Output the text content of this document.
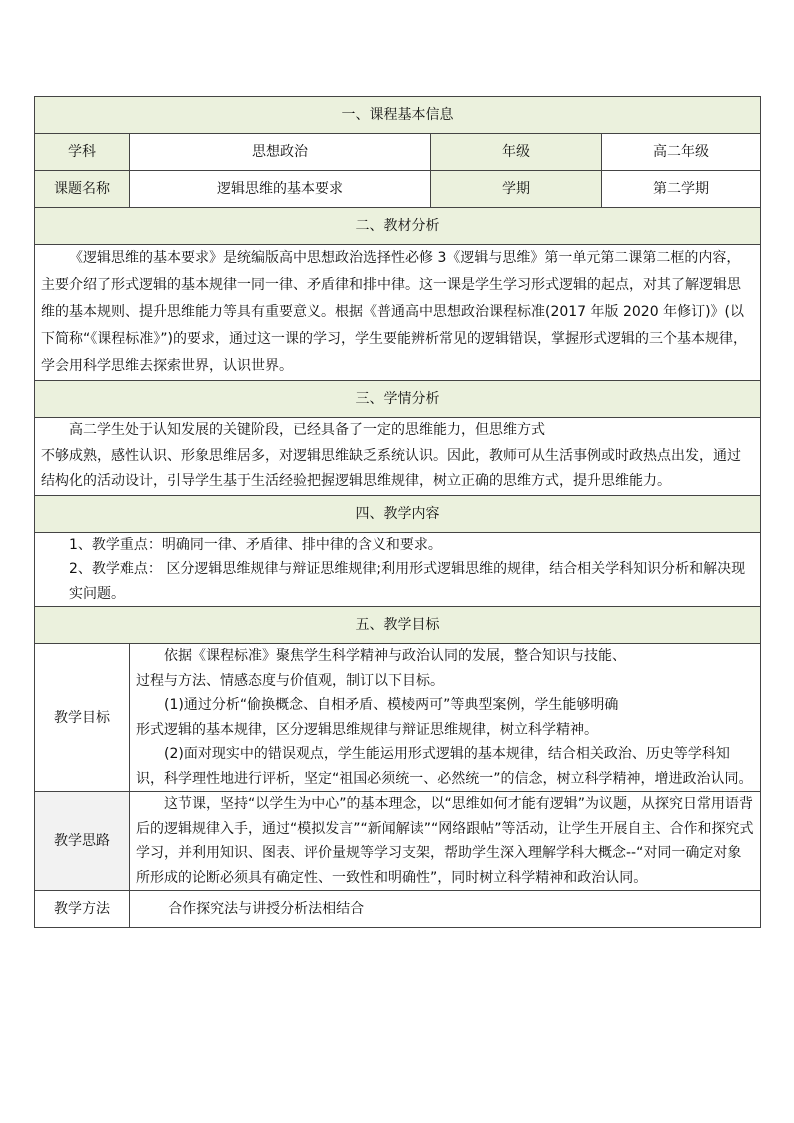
一、课程基本信息			
学科	思想政治	年级	高二年级
课题名称	逻辑思维的基本要求	学期	第二学期
二、教材分析			

《逻辑思维的基本要求》是统编版高中思想政治选择性必修 3《逻辑与思维》第一单元第二课第二框的内容，主要介绍了形式逻辑的基本规律一同一律、矛盾律和排中律。这一课是学生学习形式逻辑的起点，对其了解逻辑思维的基本规则、提升思维能力等具有重要意义。根据《普通高中思想政治课程标准(2017 年版 2020 年修订)》(以下简称“《课程标准》”)的要求，通过这一课的学习，学生要能辨析常见的逻辑错误，掌握形式逻辑的三个基本规律，学会用科学思维去探索世界，认识世界。			

三、学情分析			

高二学生处于认知发展的关键阶段，已经具备了一定的思维能力，但思维方式

不够成熟，感性认识、形象思维居多，对逻辑思维缺乏系统认识。因此，教师可从生活事例或时政热点出发，通过结构化的活动设计，引导学生基于生活经验把握逻辑思维规律，树立正确的思维方式，提升思维能力。			

四、教学内容			

1、教学重点：明确同一律、矛盾律、排中律的含义和要求。

2、教学难点： 区分逻辑思维规律与辩证思维规律;利用形式逻辑思维的规律，结合相关学科知识分析和解决现实问题。			

五、教学目标			
教学目标	依据《课程标准》聚焦学生科学精神与政治认同的发展，整合知识与技能、

过程与方法、情感态度与价值观，制订以下目标。

(1)通过分析“偷换概念、自相矛盾、模棱两可”等典型案例，学生能够明确

形式逻辑的基本规律，区分逻辑思维规律与辩证思维规律，树立科学精神。

(2)面对现实中的错误观点，学生能运用形式逻辑的基本规律，结合相关政治、历史等学科知识，科学理性地进行评析，坚定“祖国必须统一、必然统一”的信念，树立科学精神，增进政治认同。		

教学思路	这节课，坚持“以学生为中心”的基本理念，以“思维如何才能有逻辑”为议题，从探究日常用语背后的逻辑规律入手，通过“模拟发言”“新闻解读”“网络跟帖”等活动，让学生开展自主、合作和探究式学习，并利用知识、图表、评价量规等学习支架，帮助学生深入理解学科大概念--“对同一确定对象所形成的论断必须具有确定性、一致性和明确性”，同时树立科学精神和政治认同。		

教学方法	合作探究法与讲授分析法相结合		
